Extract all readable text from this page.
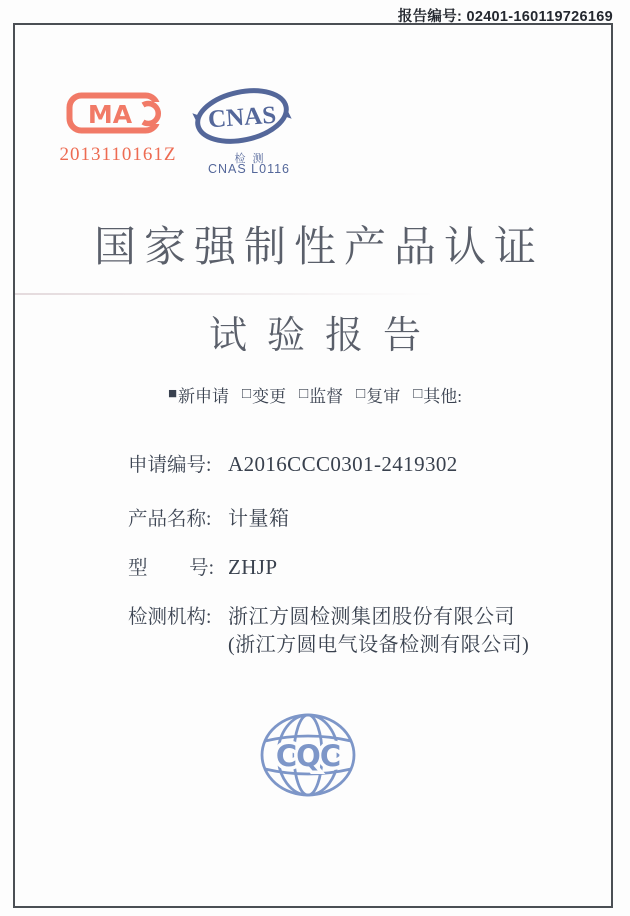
报告编号: 02401-160119726169
MA
2013110161Z
CNAS
检测
CNAS L0116
国家强制性产品认证
试验报告
■ 新申请 □ 变更 □ 监督 □ 复审 □ 其他:
申请编号: A2016CCC0301-2419302
产品名称: 计量箱
型 号: ZHJP
检测机构: 浙江方圆检测集团股份有限公司
(浙江方圆电气设备检测有限公司)
CQC
